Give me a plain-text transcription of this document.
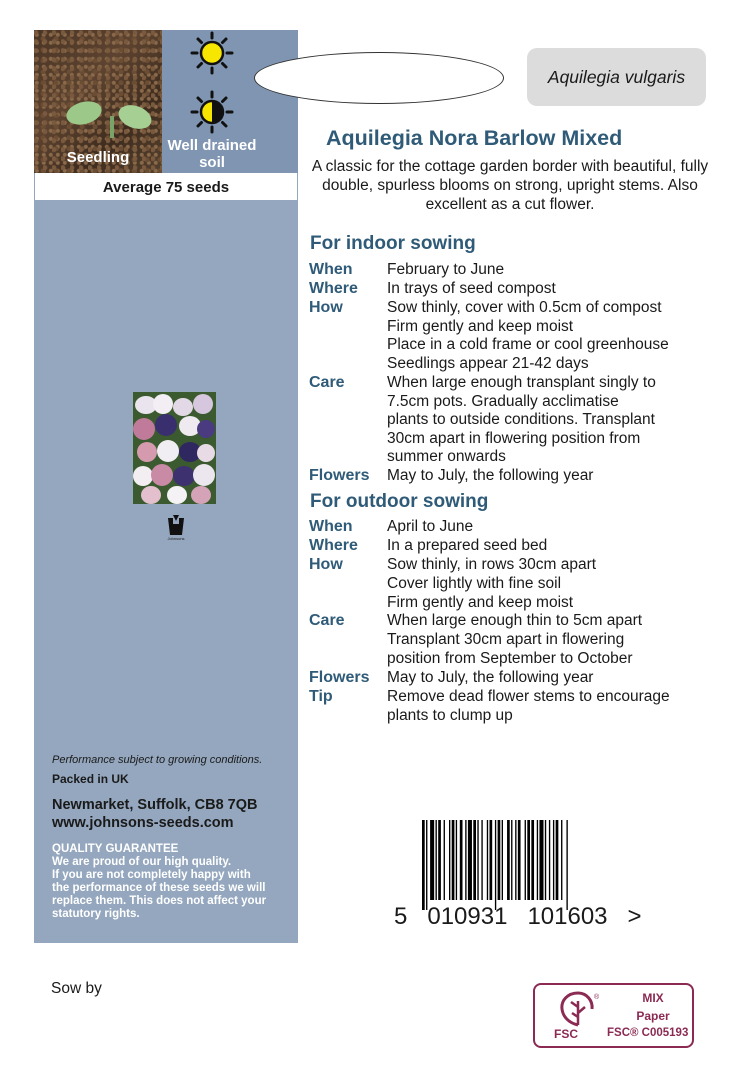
Seedling
Well drained
soil
Average 75 seeds
Johnsons
Performance subject to growing conditions.
Packed in UK
Newmarket, Suffolk, CB8 7QB
www.johnsons-seeds.com
QUALITY GUARANTEE
We are proud of our high quality.
If you are not completely happy with
the performance of these seeds we will
replace them. This does not affect your
statutory rights.
Aquilegia vulgaris
Aquilegia Nora Barlow Mixed
A classic for the cottage garden border with beautiful, fully double, spurless blooms on strong, upright stems. Also excellent as a cut flower.
For indoor sowing
When February to June
Where In trays of seed compost
How	Sow thinly, cover with 0.5cm of compost
Firm gently and keep moist
Place in a cold frame or cool greenhouse
Seedlings appear 21-42 days
Care	When large enough transplant singly to 7.5cm pots. Gradually acclimatise plants to outside conditions. Transplant 30cm apart in flowering position from summer onwards
Flowers May to July, the following year
For outdoor sowing
When April to June
Where In a prepared seed bed
How	Sow thinly, in rows 30cm apart
Cover lightly with fine soil
Firm gently and keep moist
Care	When large enough thin to 5cm apart
Transplant 30cm apart in flowering position from September to October
Flowers May to July, the following year
Tip	Remove dead flower stems to encourage plants to clump up
5   010931   101603   >
Sow by
®
FSC
MIX
Paper
FSC® C005193
